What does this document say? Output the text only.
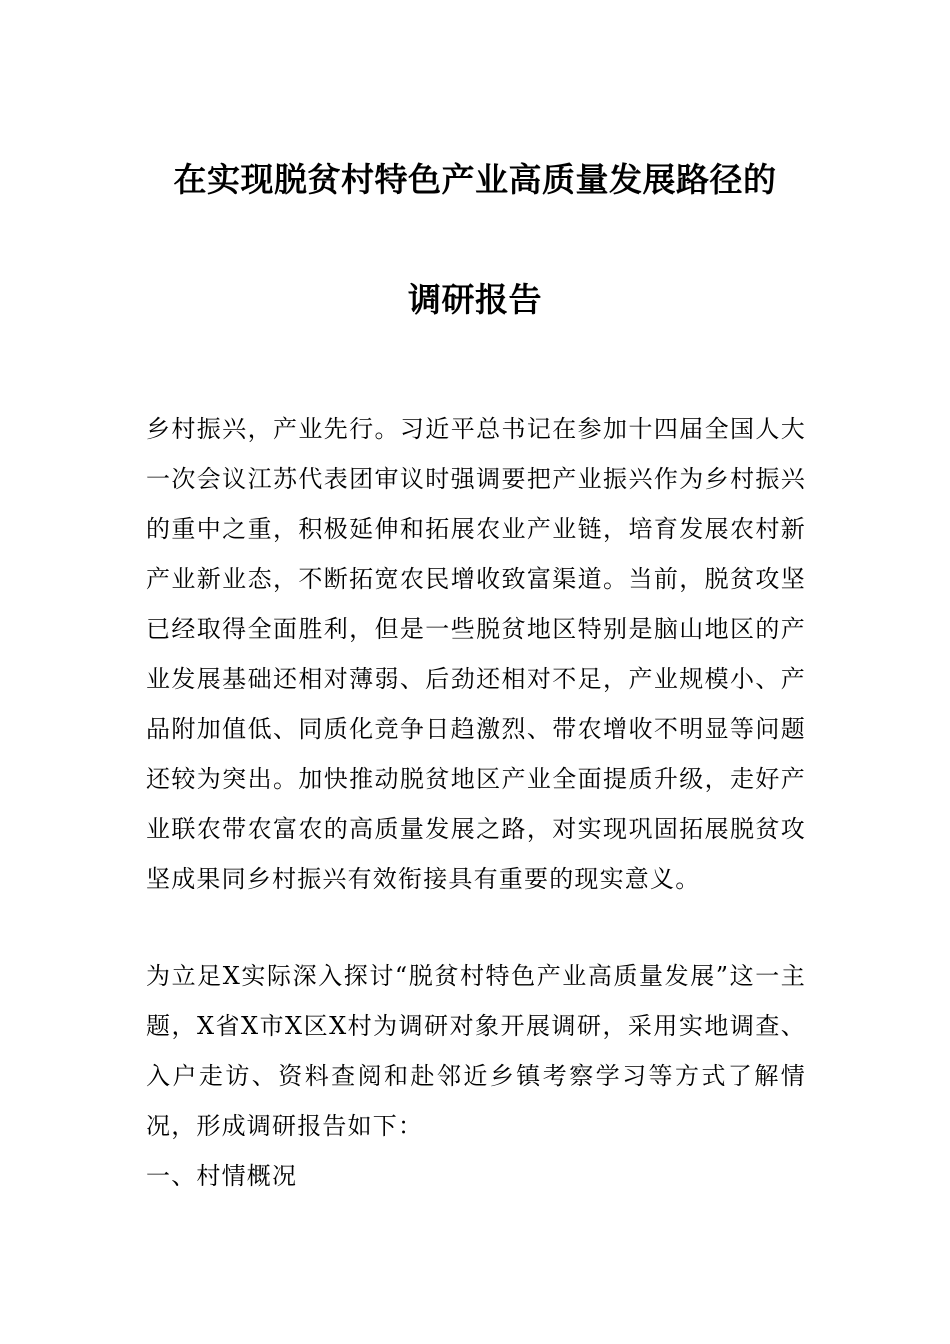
在实现脱贫村特色产业高质量发展路径的
调研报告
乡村振兴，产业先行。习近平总书记在参加十四届全国人大一次会议江苏代表团审议时强调要把产业振兴作为乡村振兴的重中之重，积极延伸和拓展农业产业链，培育发展农村新产业新业态，不断拓宽农民增收致富渠道。当前，脱贫攻坚已经取得全面胜利，但是一些脱贫地区特别是脑山地区的产业发展基础还相对薄弱、后劲还相对不足，产业规模小、产品附加值低、同质化竞争日趋激烈、带农增收不明显等问题还较为突出。加快推动脱贫地区产业全面提质升级，走好产业联农带农富农的高质量发展之路，对实现巩固拓展脱贫攻坚成果同乡村振兴有效衔接具有重要的现实意义。
为立足X实际深入探讨“脱贫村特色产业高质量发展”这一主题，X省X市X区X村为调研对象开展调研，采用实地调查、入户走访、资料查阅和赴邻近乡镇考察学习等方式了解情况，形成调研报告如下：
一、村情概况
